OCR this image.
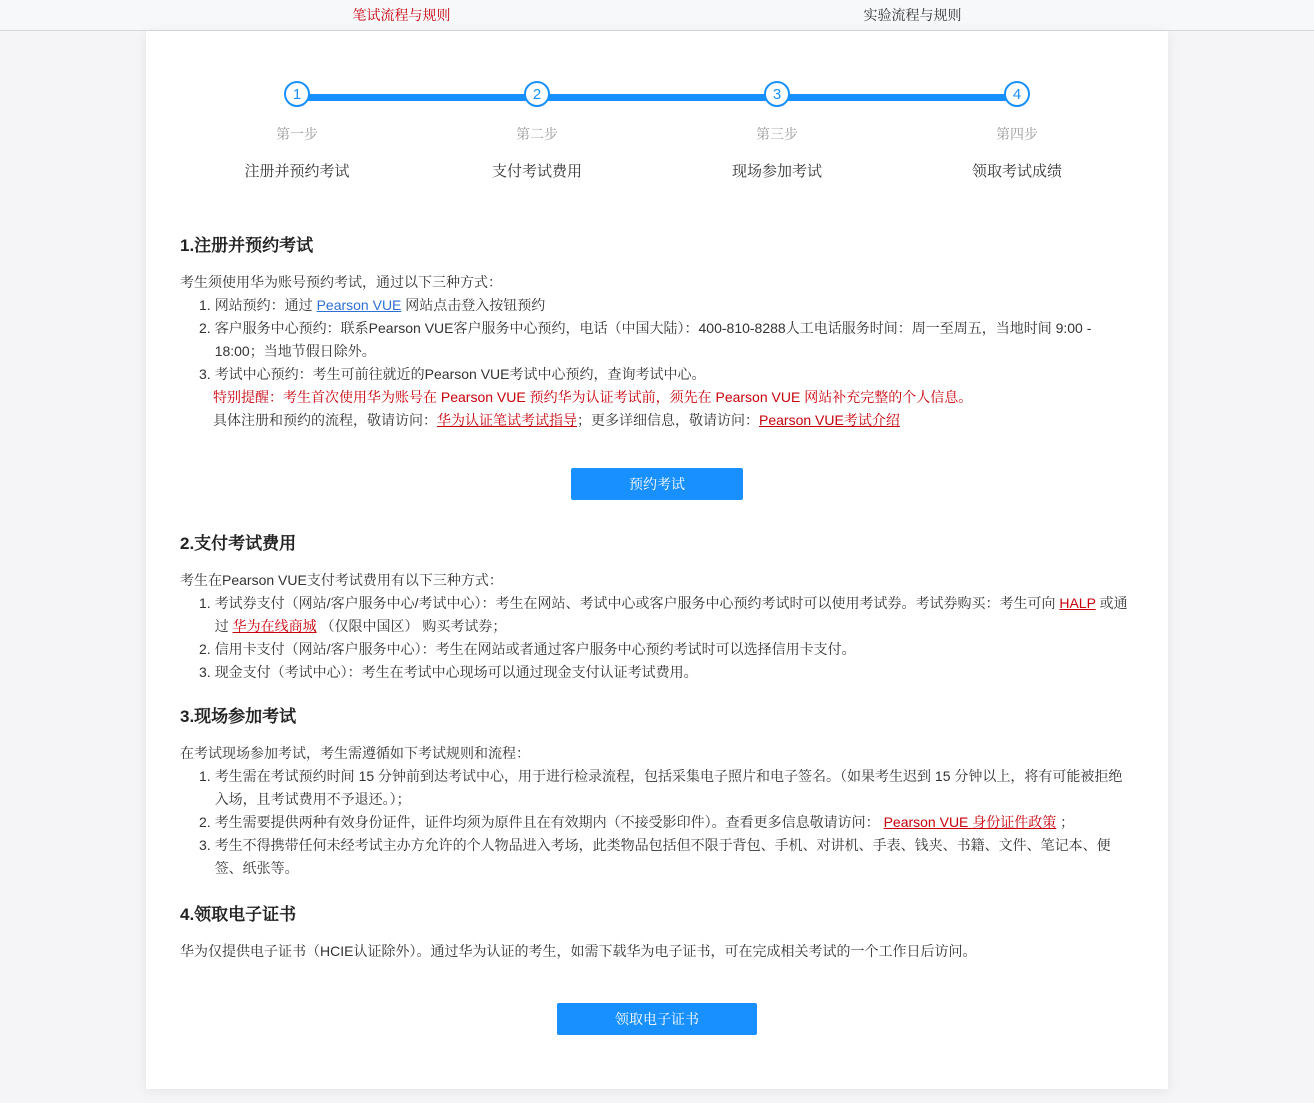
笔试流程与规则	实验流程与规则
1
第一步
注册并预约考试
2
第二步
支付考试费用
3
第三步
现场参加考试
4
第四步
领取考试成绩
1.注册并预约考试

考生须使用华为账号预约考试，通过以下三种方式：

1. 网站预约：通过 Pearson VUE 网站点击登入按钮预约
2. 客户服务中心预约：联系Pearson VUE客户服务中心预约，电话（中国大陆）：400-810-8288人工电话服务时间：周一至周五，当地时间 9:00 - 18:00；当地节假日除外。
3. 考试中心预约：考生可前往就近的Pearson VUE考试中心预约，查询考试中心。
特别提醒：考生首次使用华为账号在 Pearson VUE 预约华为认证考试前，须先在 Pearson VUE 网站补充完整的个人信息。
具体注册和预约的流程，敬请访问：华为认证笔试考试指导；更多详细信息，敬请访问：Pearson VUE考试介绍
预约考试
2.支付考试费用

考生在Pearson VUE支付考试费用有以下三种方式：

1. 考试券支付（网站/客户服务中心/考试中心）：考生在网站、考试中心或客户服务中心预约考试时可以使用考试券。考试券购买：考生可向 HALP 或通过 华为在线商城 （仅限中国区） 购买考试券；
2. 信用卡支付（网站/客户服务中心）：考生在网站或者通过客户服务中心预约考试时可以选择信用卡支付。
3. 现金支付（考试中心）：考生在考试中心现场可以通过现金支付认证考试费用。
3.现场参加考试

在考试现场参加考试，考生需遵循如下考试规则和流程：

1. 考生需在考试预约时间 15 分钟前到达考试中心，用于进行检录流程，包括采集电子照片和电子签名。（如果考生迟到 15 分钟以上，将有可能被拒绝入场，且考试费用不予退还。）；
2. 考生需要提供两种有效身份证件，证件均须为原件且在有效期内（不接受影印件）。查看更多信息敬请访问： Pearson VUE 身份证件政策 ；
3. 考生不得携带任何未经考试主办方允许的个人物品进入考场，此类物品包括但不限于背包、手机、对讲机、手表、钱夹、书籍、文件、笔记本、便签、纸张等。
4.领取电子证书

华为仅提供电子证书（HCIE认证除外）。通过华为认证的考生，如需下载华为电子证书，可在完成相关考试的一个工作日后访问。

领取电子证书
